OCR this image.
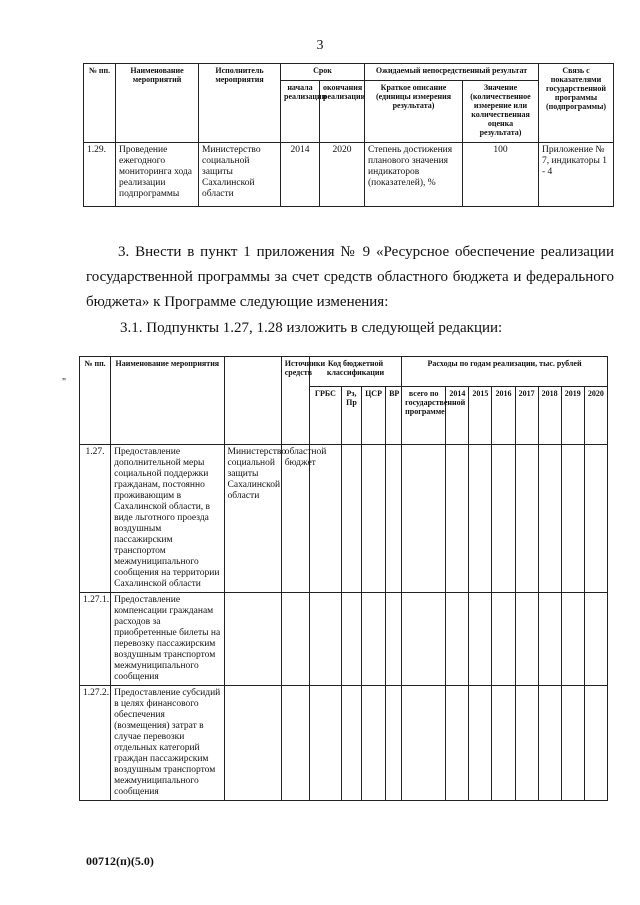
3
№ пп.	Наименование мероприятий	Исполнитель мероприятия	Срок		Ожидаемый непосредственный результат		Связь с показателями государственной программы (подпрограммы)
			начала реализации	окончания реализации	Краткое описание (единицы измерения результата)	Значение (количественное измерение или количественная оценка результата)	
1.29.	Проведение ежегодного мониторинга хода реализации подпрограммы	Министерство социальной защиты Сахалинской области	2014	2020	Степень достижения планового значения индикаторов (показателей), %	100	Приложение № 7, индикаторы 1 - 4
3. Внести в пункт 1 приложения № 9 «Ресурсное обеспечение реализации государственной программы за счет средств областного бюджета и федерального бюджета» к Программе следующие изменения:
3.1. Подпункты 1.27, 1.28 изложить в следующей редакции:
"
№ пп.	Наименование мероприятия		Источники средств	Код бюджетной классификации				Расходы по годам реализации, тыс. рублей							
				ГРБС	Рз, Пр	ЦСР	ВР	всего по государственной программе	2014	2015	2016	2017	2018	2019	2020
1.27.	Предоставление дополнительной меры социальной поддержки гражданам, постоянно проживающим в Сахалинской области, в виде льготного проезда воздушным пассажирским транспортом межмуниципального сообщения на территории Сахалинской области	Министерство социальной защиты Сахалинской области	областной бюджет												
1.27.1.	Предоставление компенсации гражданам расходов за приобретенные билеты на перевозку пассажирским воздушным транспортом межмуниципального сообщения														
1.27.2.	Предоставление субсидий в целях финансового обеспечения (возмещения) затрат в случае перевозки отдельных категорий граждан пассажирским воздушным транспортом межмуниципального сообщения														
00712(п)(5.0)
